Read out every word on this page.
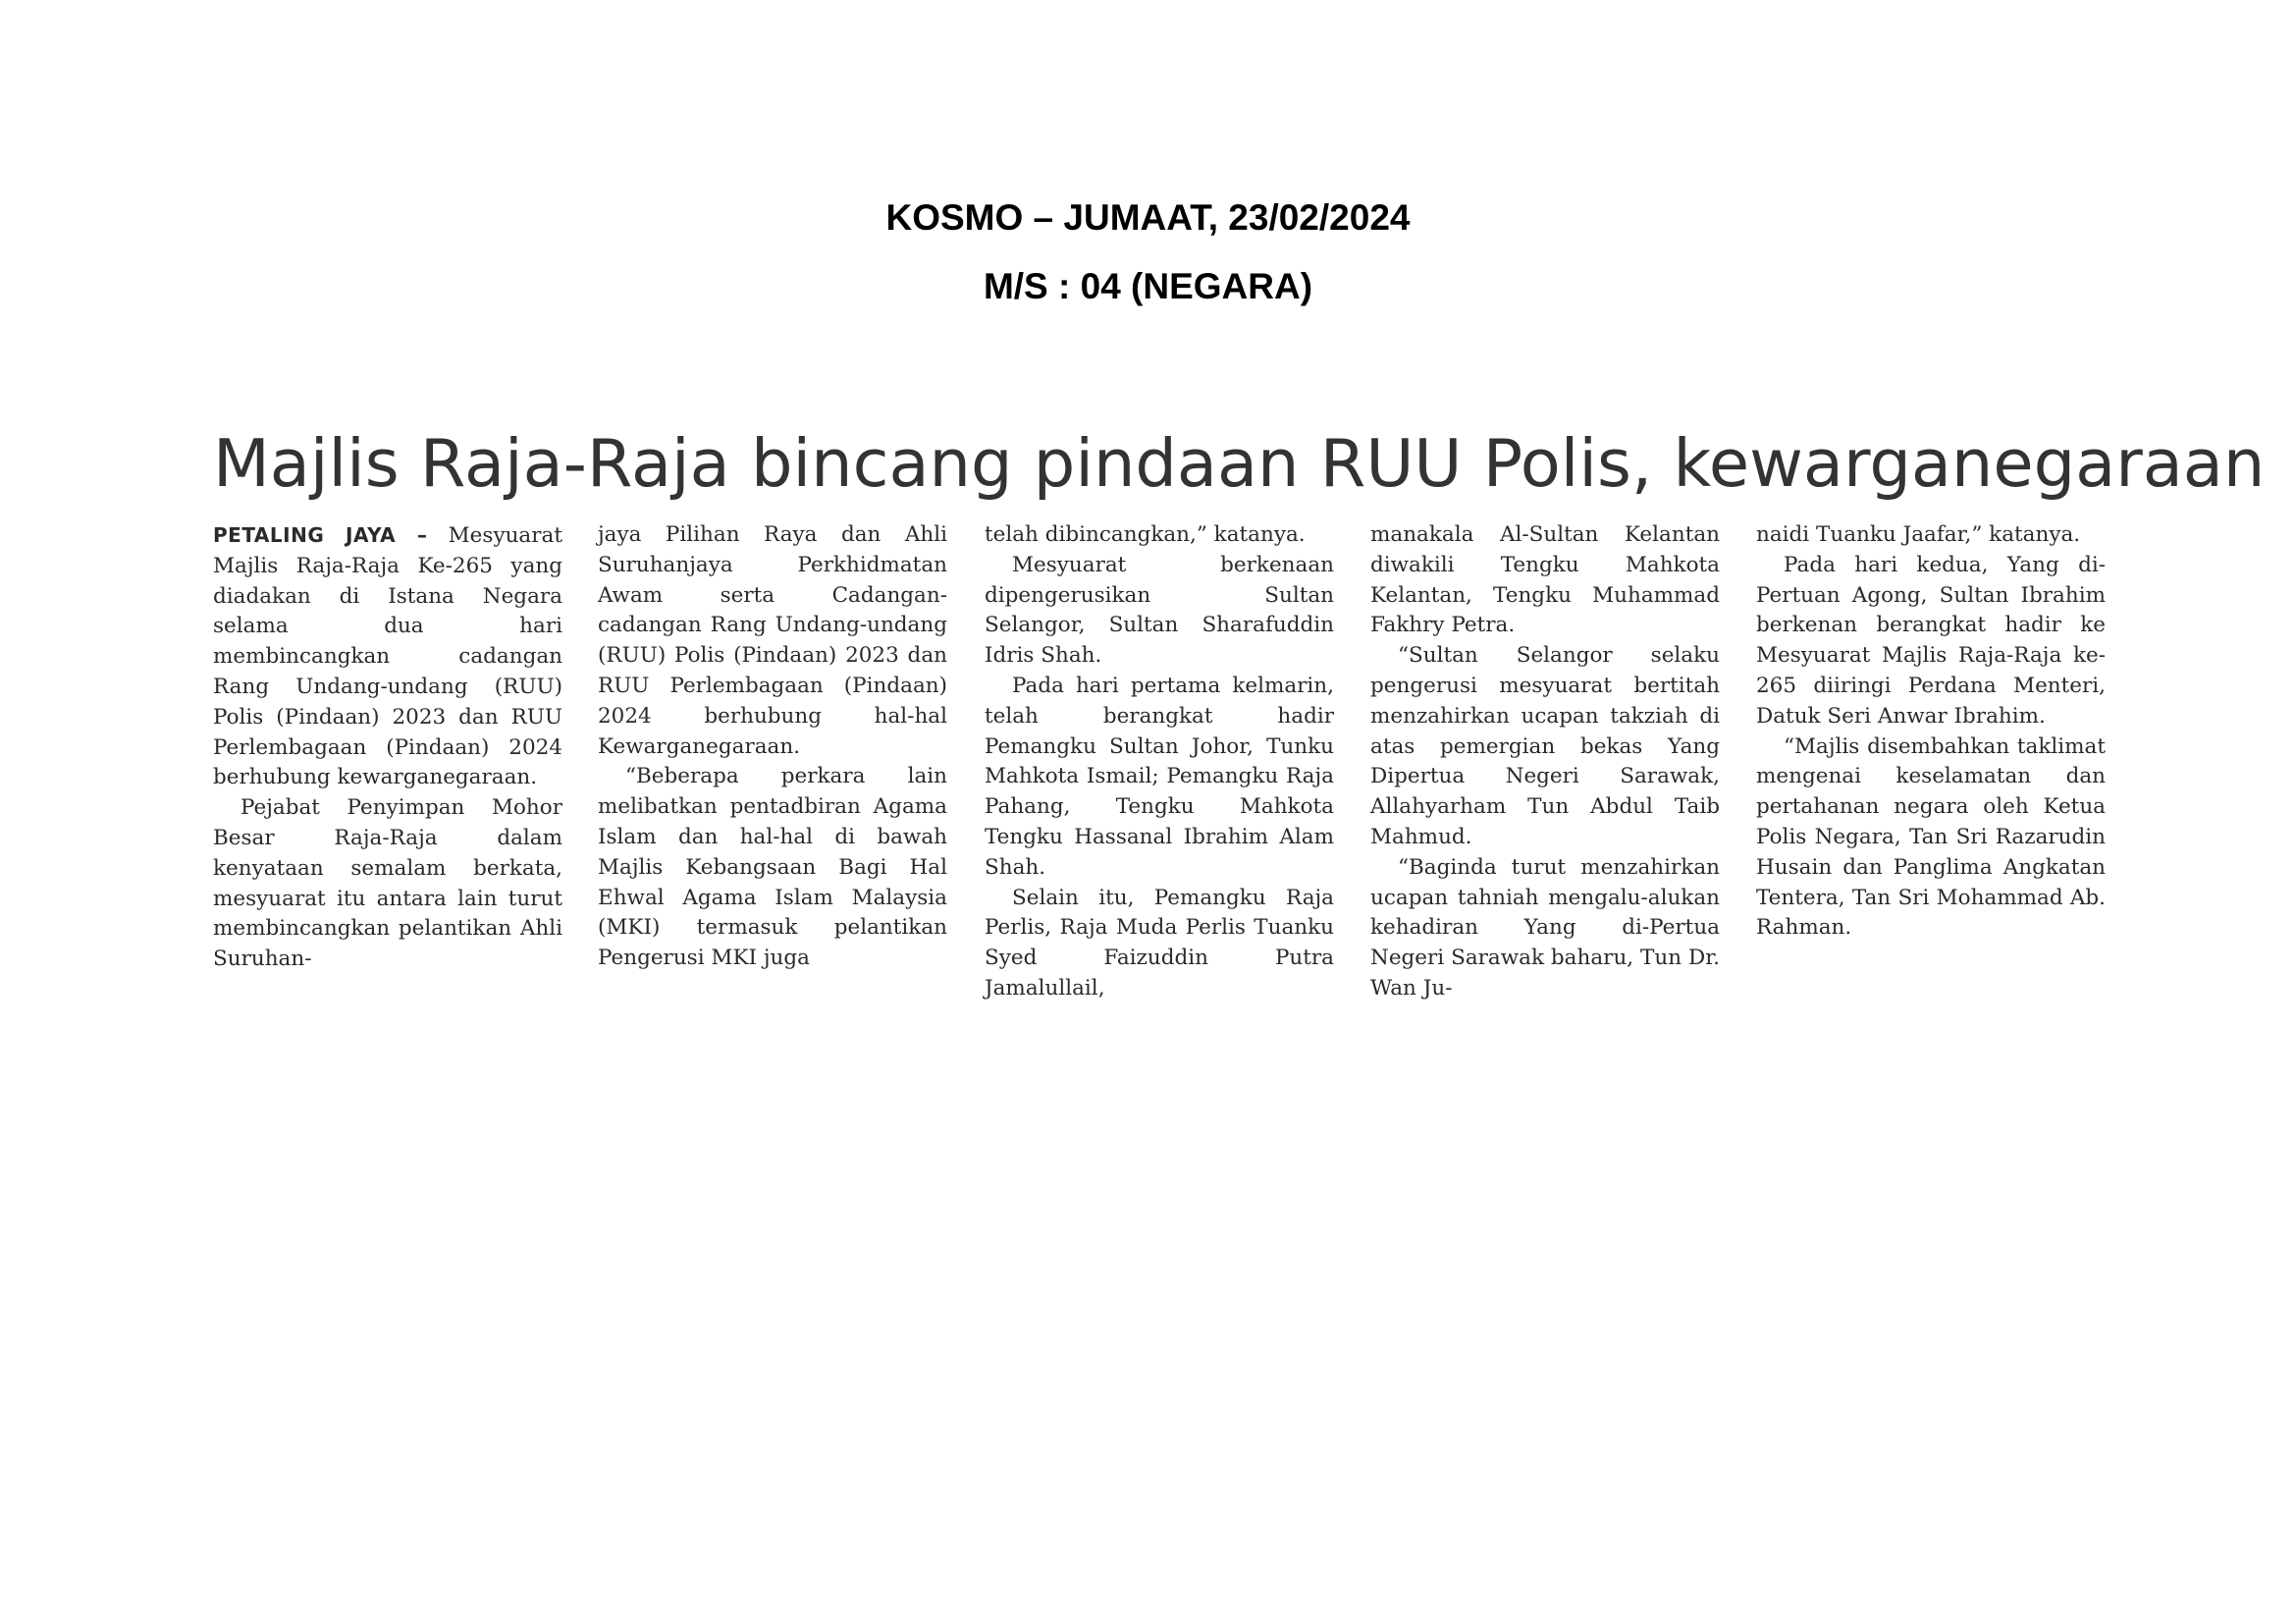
KOSMO – JUMAAT, 23/02/2024
M/S : 04 (NEGARA)
Majlis Raja-Raja bincang pindaan RUU Polis, kewarganegaraan

PETALING JAYA – Mesyuarat Majlis Raja-Raja Ke-265 yang diadakan di Istana Negara selama dua hari membincangkan cadangan Rang Undang-undang (RUU) Polis (Pindaan) 2023 dan RUU Perlembagaan (Pindaan) 2024 berhubung kewarganegaraan.

Pejabat Penyimpan Mohor Besar Raja-Raja dalam kenyataan semalam berkata, mesyuarat itu antara lain turut membincangkan pelantikan Ahli Suruhan-

jaya Pilihan Raya dan Ahli Suruhanjaya Perkhidmatan Awam serta Cadangan-cadangan Rang Undang-undang (RUU) Polis (Pindaan) 2023 dan RUU Perlembagaan (Pindaan) 2024 berhubung hal-hal Kewarganegaraan.

“Beberapa perkara lain melibatkan pentadbiran Agama Islam dan hal-hal di bawah Majlis Kebangsaan Bagi Hal Ehwal Agama Islam Malaysia (MKI) termasuk pelantikan Pengerusi MKI juga

telah dibincangkan,” katanya.

Mesyuarat berkenaan dipengerusikan Sultan Selangor, Sultan Sharafuddin Idris Shah.

Pada hari pertama kelmarin, telah berangkat hadir Pemangku Sultan Johor, Tunku Mahkota Ismail; Pemangku Raja Pahang, Tengku Mahkota Tengku Hassanal Ibrahim Alam Shah.

Selain itu, Pemangku Raja Perlis, Raja Muda Perlis Tuanku Syed Faizuddin Putra Jamalullail,

manakala Al-Sultan Kelantan diwakili Tengku Mahkota Kelantan, Tengku Muhammad Fakhry Petra.

“Sultan Selangor selaku pengerusi mesyuarat bertitah menzahirkan ucapan takziah di atas pemergian bekas Yang Dipertua Negeri Sarawak, Allahyarham Tun Abdul Taib Mahmud.

“Baginda turut menzahirkan ucapan tahniah mengalu-alukan kehadiran Yang di-Pertua Negeri Sarawak baharu, Tun Dr. Wan Ju-

naidi Tuanku Jaafar,” katanya.

Pada hari kedua, Yang di-Pertuan Agong, Sultan Ibrahim berkenan berangkat hadir ke Mesyuarat Majlis Raja-Raja ke-265 diiringi Perdana Menteri, Datuk Seri Anwar Ibrahim.

“Majlis disembahkan taklimat mengenai keselamatan dan pertahanan negara oleh Ketua Polis Negara, Tan Sri Razarudin Husain dan Panglima Angkatan Tentera, Tan Sri Mohammad Ab. Rahman.
